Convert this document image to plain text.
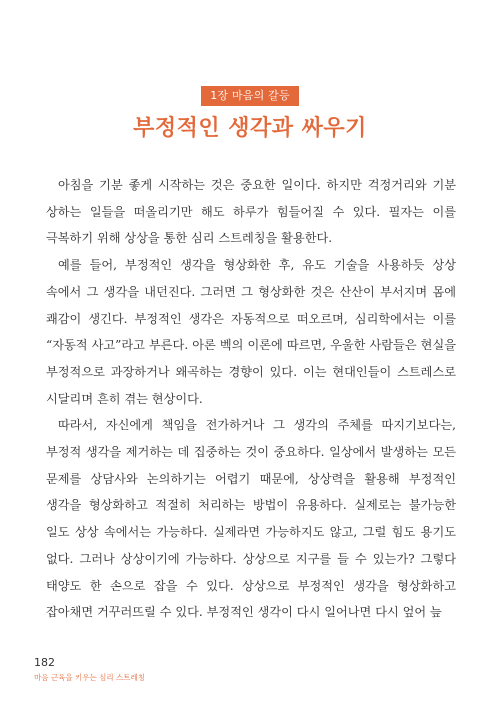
1장 마음의 갈등
부정적인 생각과 싸우기

아침을 기분 좋게 시작하는 것은 중요한 일이다. 하지만 걱정거리와 기분 상하는 일들을 떠올리기만 해도 하루가 힘들어질 수 있다. 필자는 이를 극복하기 위해 상상을 통한 심리 스트레칭을 활용한다.

예를 들어, 부정적인 생각을 형상화한 후, 유도 기술을 사용하듯 상상 속에서 그 생각을 내던진다. 그러면 그 형상화한 것은 산산이 부서지며 몸에 쾌감이 생긴다. 부정적인 생각은 자동적으로 떠오르며, 심리학에서는 이를 “자동적 사고”라고 부른다. 아론 벡의 이론에 따르면, 우울한 사람들은 현실을 부정적으로 과장하거나 왜곡하는 경향이 있다. 이는 현대인들이 스트레스로 시달리며 흔히 겪는 현상이다.

따라서, 자신에게 책임을 전가하거나 그 생각의 주체를 따지기보다는, 부정적 생각을 제거하는 데 집중하는 것이 중요하다. 일상에서 발생하는 모든 문제를 상담사와 논의하기는 어렵기 때문에, 상상력을 활용해 부정적인 생각을 형상화하고 적절히 처리하는 방법이 유용하다. 실제로는 불가능한 일도 상상 속에서는 가능하다. 실제라면 가능하지도 않고, 그럴 힘도 용기도 없다. 그러나 상상이기에 가능하다. 상상으로 지구를 들 수 있는가? 그렇다 태양도 한 손으로 잡을 수 있다. 상상으로 부정적인 생각을 형상화하고 잡아채면 거꾸러뜨릴 수 있다. 부정적인 생각이 다시 일어나면 다시 엎어 늪

182
마음 근육을 키우는 심리 스트레칭
